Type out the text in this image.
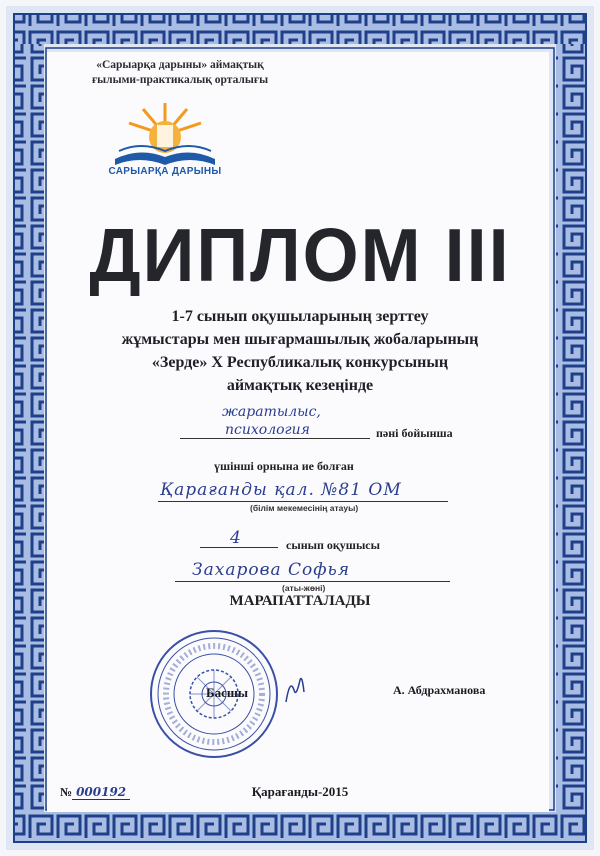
«Сарыарқа дарыны» аймақтық
ғылыми-практикалық орталығы
САРЫАРҚА ДАРЫНЫ
ДИПЛОМ III
1-7 сынып оқушыларының зерттеу
жұмыстары мен шығармашылық жобаларының
«Зерде» X Республикалық конкурсының
аймақтық кезеңінде
жаратылыс,
психология	пәні бойынша
үшінші орнына ие болған
Қарағанды қал. №81 ОМ
(білім мекемесінің атауы)
4	сынып оқушысы
Захарова Софья
(аты-жөні)
МАРАПАТТАЛАДЫ
Басшы	А. Абдрахманова
№ 000192	Қарағанды-2015
